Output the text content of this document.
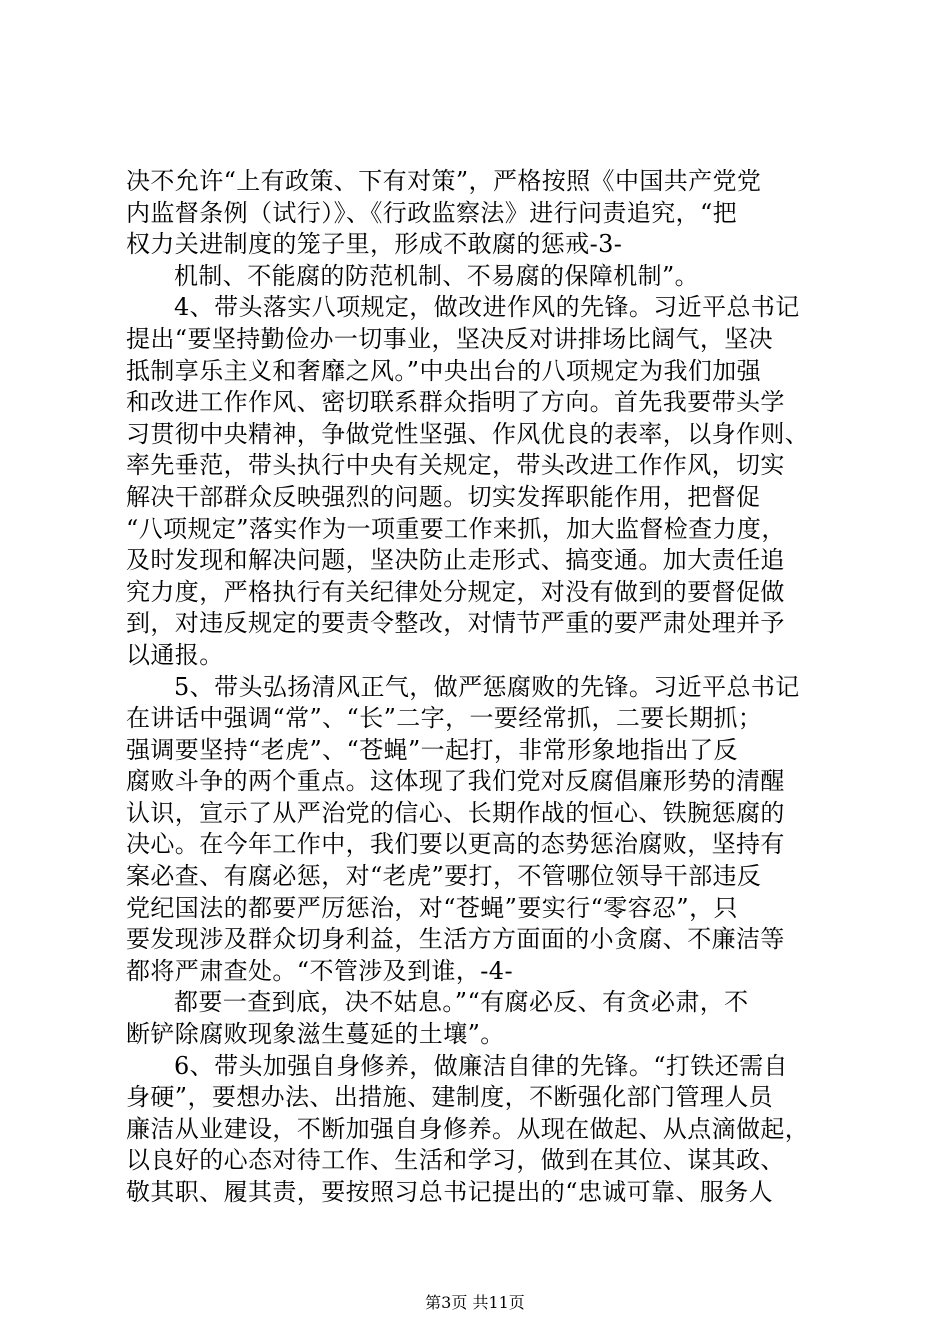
决不允许“上有政策、下有对策”，严格按照《中国共产党党
内监督条例（试行）》、《行政监察法》进行问责追究，“把
权力关进制度的笼子里，形成不敢腐的惩戒-3-
机制、不能腐的防范机制、不易腐的保障机制”。
4、带头落实八项规定，做改进作风的先锋。习近平总书记
提出“要坚持勤俭办一切事业，坚决反对讲排场比阔气，坚决
抵制享乐主义和奢靡之风。”中央出台的八项规定为我们加强
和改进工作作风、密切联系群众指明了方向。首先我要带头学
习贯彻中央精神，争做党性坚强、作风优良的表率，以身作则、
率先垂范，带头执行中央有关规定，带头改进工作作风，切实
解决干部群众反映强烈的问题。切实发挥职能作用，把督促
“八项规定”落实作为一项重要工作来抓，加大监督检查力度，
及时发现和解决问题，坚决防止走形式、搞变通。加大责任追
究力度，严格执行有关纪律处分规定，对没有做到的要督促做
到，对违反规定的要责令整改，对情节严重的要严肃处理并予
以通报。
5、带头弘扬清风正气，做严惩腐败的先锋。习近平总书记
在讲话中强调“常”、“长”二字，一要经常抓，二要长期抓；
强调要坚持“老虎”、“苍蝇”一起打，非常形象地指出了反
腐败斗争的两个重点。这体现了我们党对反腐倡廉形势的清醒
认识，宣示了从严治党的信心、长期作战的恒心、铁腕惩腐的
决心。在今年工作中，我们要以更高的态势惩治腐败，坚持有
案必查、有腐必惩，对“老虎”要打，不管哪位领导干部违反
党纪国法的都要严厉惩治，对“苍蝇”要实行“零容忍”，只
要发现涉及群众切身利益，生活方方面面的小贪腐、不廉洁等
都将严肃查处。“不管涉及到谁，-4-
都要一查到底，决不姑息。”“有腐必反、有贪必肃，不
断铲除腐败现象滋生蔓延的土壤”。
6、带头加强自身修养，做廉洁自律的先锋。“打铁还需自
身硬”，要想办法、出措施、建制度，不断强化部门管理人员
廉洁从业建设，不断加强自身修养。从现在做起、从点滴做起，
以良好的心态对待工作、生活和学习，做到在其位、谋其政、
敬其职、履其责，要按照习总书记提出的“忠诚可靠、服务人
第3页 共11页
